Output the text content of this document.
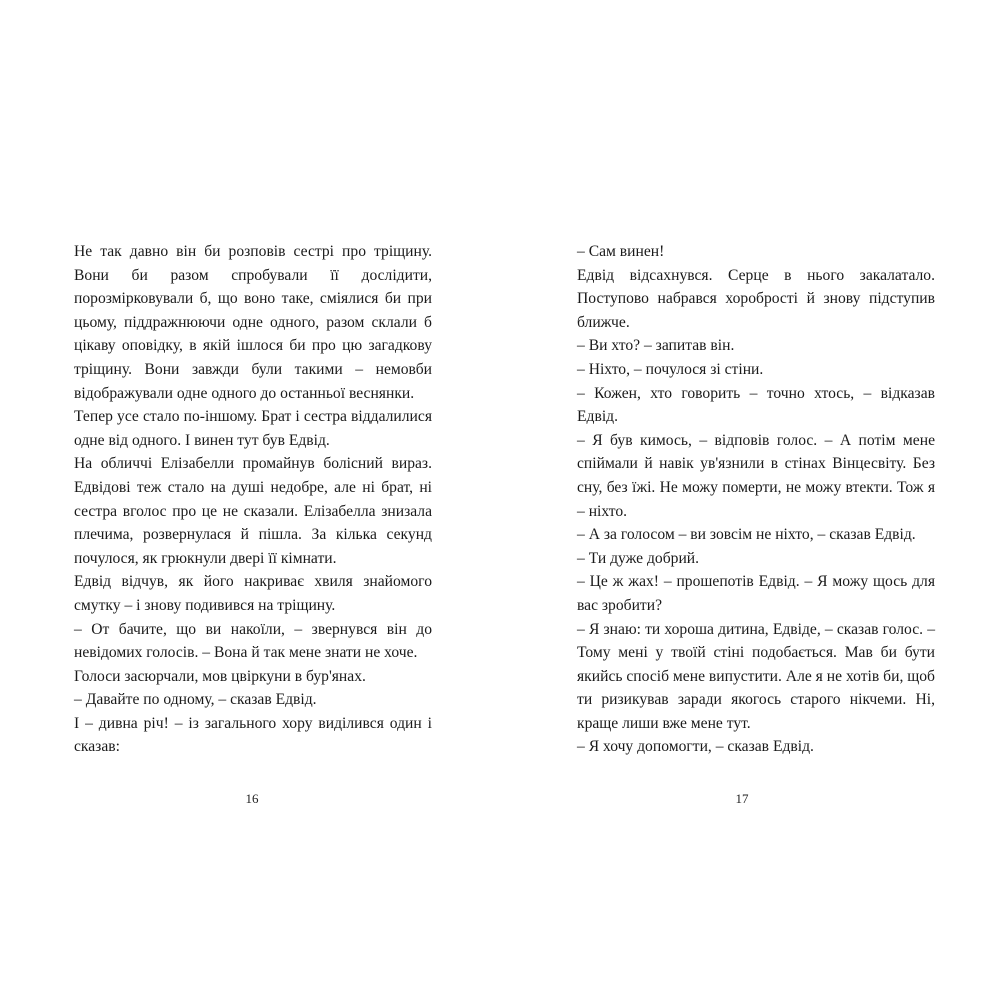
Не так давно він би розповів сестрі про тріщину. Вони би разом спробували її дослідити, порозмірковували б, що воно таке, сміялися би при цьому, піддражнюючи одне одного, разом склали б цікаву оповідку, в якій ішлося би про цю загадкову тріщину. Вони завжди були такими – немовби відображували одне одного до останньої веснянки.

Тепер усе стало по-іншому. Брат і сестра віддалилися одне від одного. І винен тут був Едвід.

На обличчі Елізабелли промайнув болісний вираз. Едвідові теж стало на душі недобре, але ні брат, ні сестра вголос про це не сказали. Елізабелла знизала плечима, розвернулася й пішла. За кілька секунд почулося, як грюкнули двері її кімнати.

Едвід відчув, як його накриває хвиля знайомого смутку – і знову подивився на тріщину.

– От бачите, що ви накоїли, – звернувся він до невідомих голосів. – Вона й так мене знати не хоче.

Голоси засюрчали, мов цвіркуни в бур'янах.

– Давайте по одному, – сказав Едвід.

І – дивна річ! – із загального хору виділився один і сказав:

– Сам винен!

Едвід відсахнувся. Серце в нього закалатало. Поступово набрався хоробрості й знову підступив ближче.

– Ви хто? – запитав він.

– Ніхто, – почулося зі стіни.

– Кожен, хто говорить – точно хтось, – відказав Едвід.

– Я був кимось, – відповів голос. – А потім мене спіймали й навік ув'язнили в стінах Вінцесвіту. Без сну, без їжі. Не можу померти, не можу втекти. Тож я – ніхто.

– А за голосом – ви зовсім не ніхто, – сказав Едвід.

– Ти дуже добрий.

– Це ж жах! – прошепотів Едвід. – Я можу щось для вас зробити?

– Я знаю: ти хороша дитина, Едвіде, – сказав голос. – Тому мені у твоїй стіні подобається. Мав би бути якийсь спосіб мене випустити. Але я не хотів би, щоб ти ризикував заради якогось старого нікчеми. Ні, краще лиши вже мене тут.

– Я хочу допомогти, – сказав Едвід.

16	17
